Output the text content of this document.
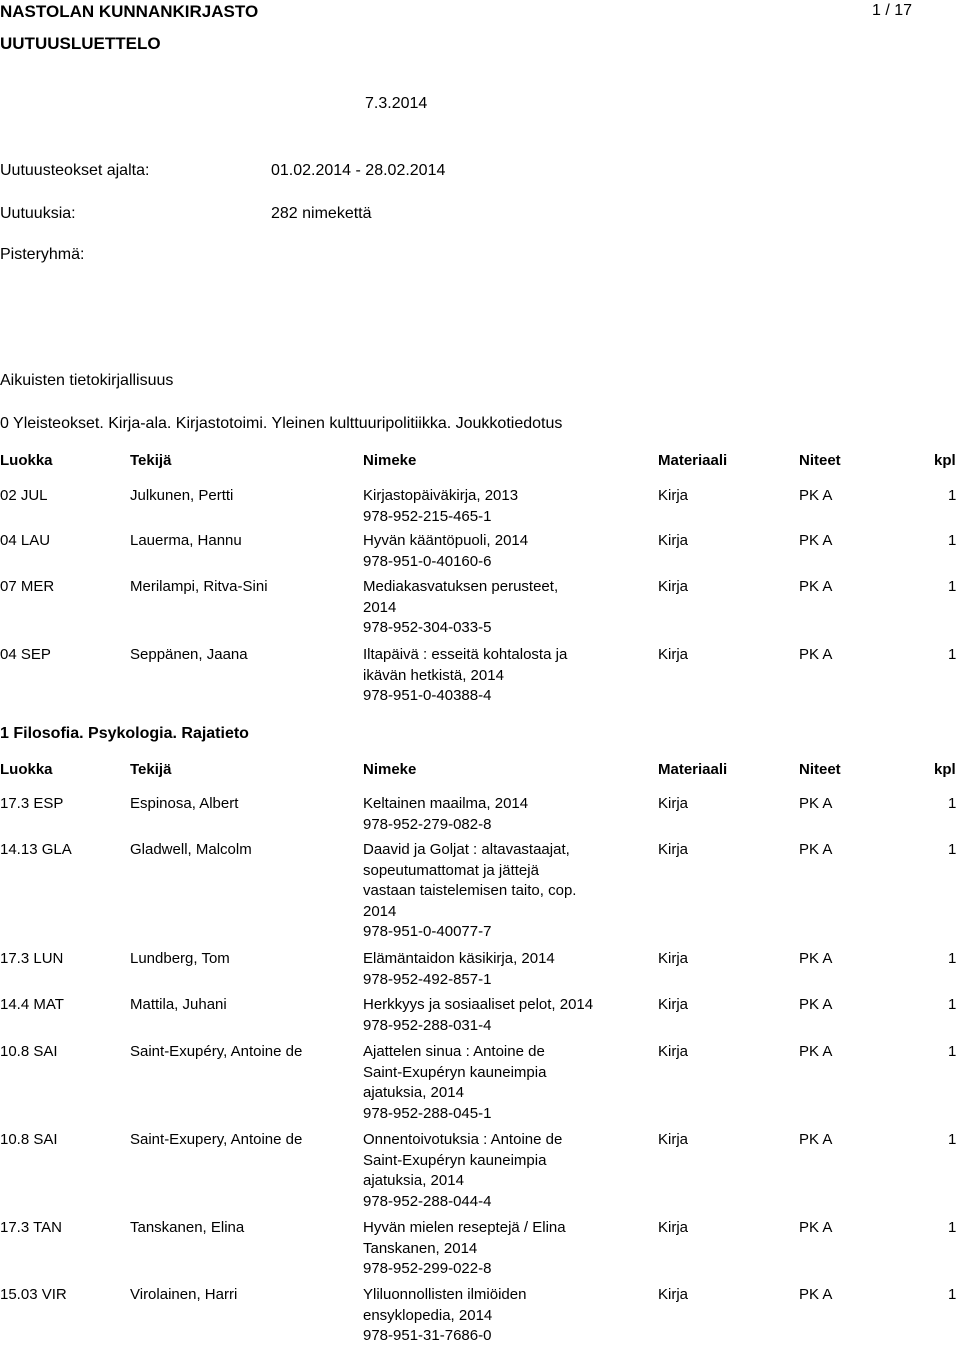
NASTOLAN KUNNANKIRJASTO
UUTUUSLUETTELO
1 / 17
7.3.2014
Uutuusteokset ajalta:	01.02.2014 - 28.02.2014
Uutuuksia:	282 nimekettä
Pisteryhmä:
Aikuisten tietokirjallisuus
0 Yleisteokset. Kirja-ala. Kirjastotoimi. Yleinen kulttuuripolitiikka. Joukkotiedotus
Luokka	Tekijä	Nimeke	Materiaali	Niteet	kpl
02 JUL	Julkunen, Pertti	Kirjastopäiväkirja, 2013
978-952-215-465-1
Kirja	PK A	1
04 LAU	Lauerma, Hannu	Hyvän kääntöpuoli, 2014
978-951-0-40160-6
Kirja	PK A	1
07 MER	Merilampi, Ritva-Sini	Mediakasvatuksen perusteet,
2014
978-952-304-033-5
Kirja	PK A	1
04 SEP	Seppänen, Jaana	Iltapäivä : esseitä kohtalosta ja
ikävän hetkistä, 2014
978-951-0-40388-4
Kirja	PK A	1
1 Filosofia. Psykologia. Rajatieto
Luokka	Tekijä	Nimeke	Materiaali	Niteet	kpl
17.3 ESP	Espinosa, Albert	Keltainen maailma, 2014
978-952-279-082-8
Kirja	PK A	1
14.13 GLA	Gladwell, Malcolm	Daavid ja Goljat : altavastaajat,
sopeutumattomat ja jättejä
vastaan taistelemisen taito, cop.
2014
978-951-0-40077-7
Kirja	PK A	1
17.3 LUN	Lundberg, Tom	Elämäntaidon käsikirja, 2014
978-952-492-857-1
Kirja	PK A	1
14.4 MAT	Mattila, Juhani	Herkkyys ja sosiaaliset pelot, 2014
978-952-288-031-4
Kirja	PK A	1
10.8 SAI	Saint-Exupéry, Antoine de	Ajattelen sinua : Antoine de
Saint-Exupéryn kauneimpia
ajatuksia, 2014
978-952-288-045-1
Kirja	PK A	1
10.8 SAI	Saint-Exupery, Antoine de	Onnentoivotuksia : Antoine de
Saint-Exupéryn kauneimpia
ajatuksia, 2014
978-952-288-044-4
Kirja	PK A	1
17.3 TAN	Tanskanen, Elina	Hyvän mielen reseptejä / Elina
Tanskanen, 2014
978-952-299-022-8
Kirja	PK A	1
15.03 VIR	Virolainen, Harri	Yliluonnollisten ilmiöiden
ensyklopedia, 2014
978-951-31-7686-0
Kirja	PK A	1
